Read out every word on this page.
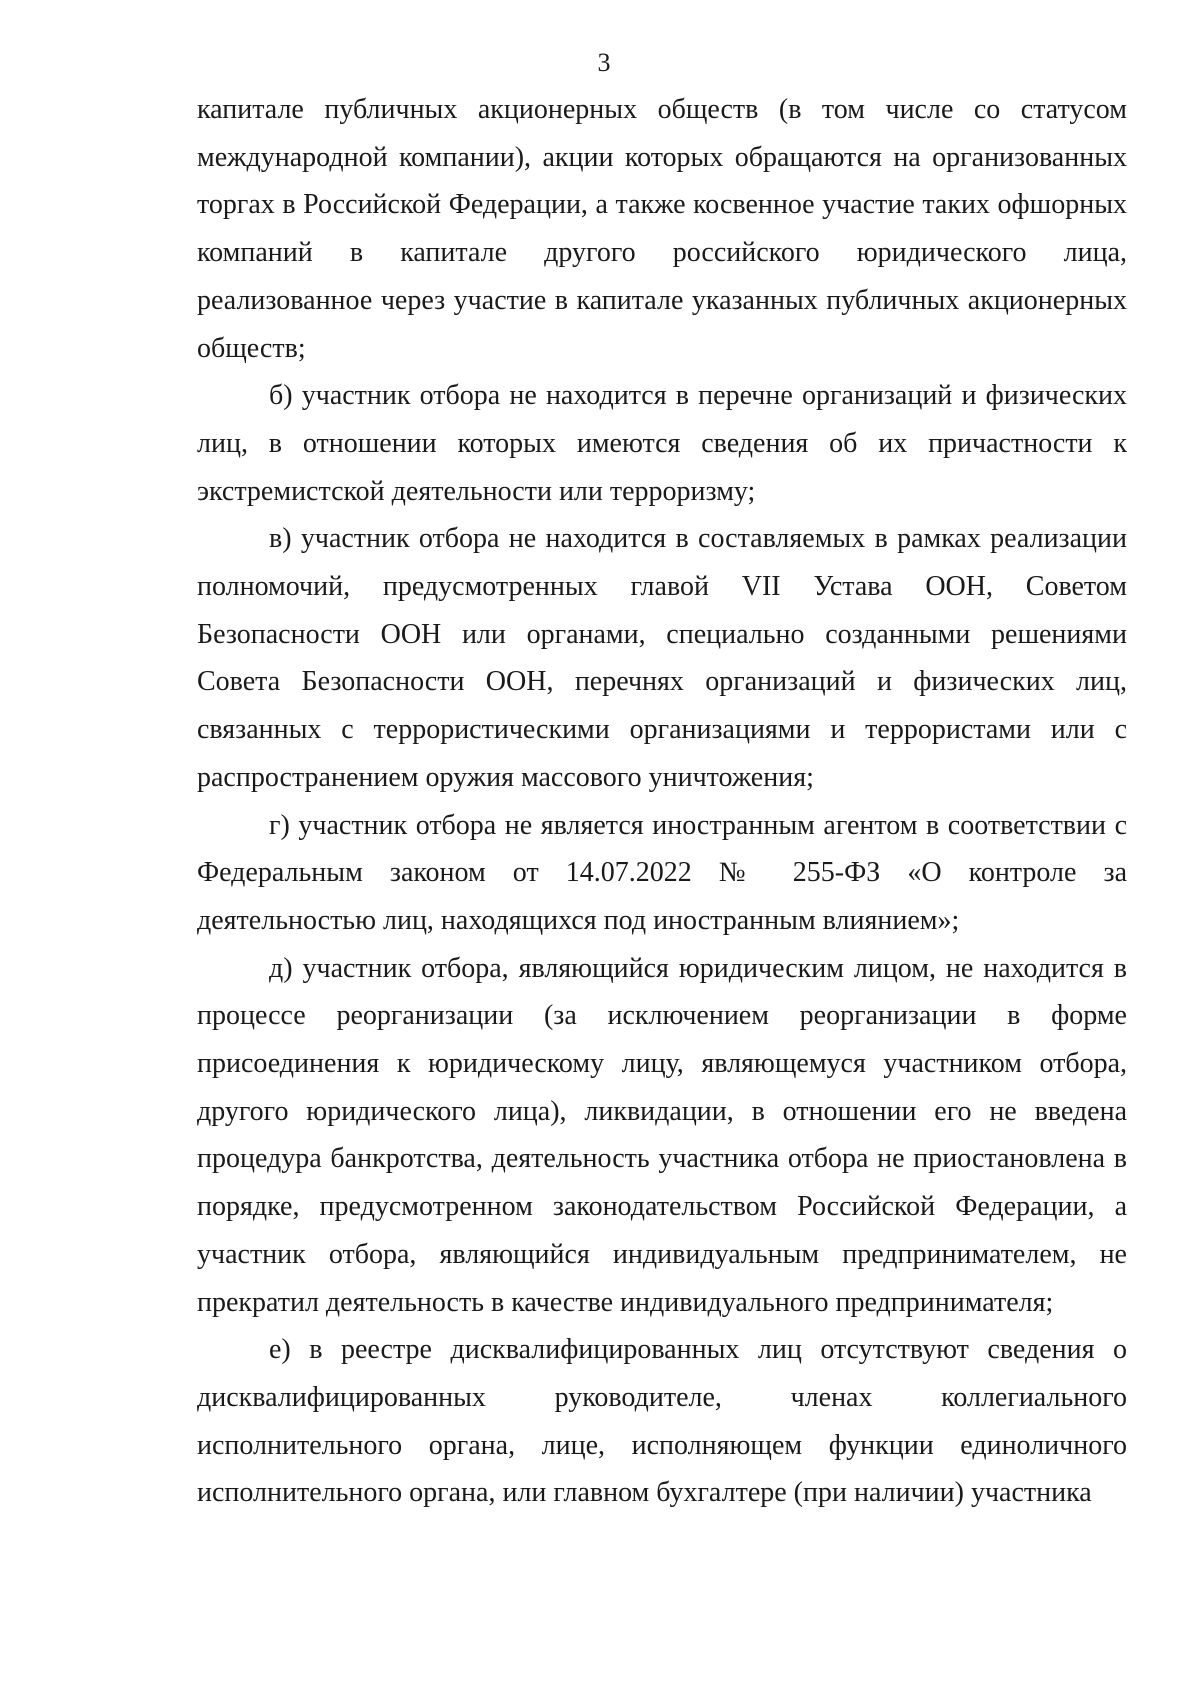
3

капитале публичных акционерных обществ (в том числе со статусом международной компании), акции которых обращаются на организованных торгах в Российской Федерации, а также косвенное участие таких офшорных компаний в капитале другого российского юридического лица, реализованное через участие в капитале указанных публичных акционерных обществ;

б) участник отбора не находится в перечне организаций и физических лиц, в отношении которых имеются сведения об их причастности к экстремистской деятельности или терроризму;

в) участник отбора не находится в составляемых в рамках реализации полномочий, предусмотренных главой VII Устава ООН, Советом Безопасности ООН или органами, специально созданными решениями Совета Безопасности ООН, перечнях организаций и физических лиц, связанных с террористическими организациями и террористами или с распространением оружия массового уничтожения;

г) участник отбора не является иностранным агентом в соответствии с Федеральным законом от 14.07.2022 № 255-ФЗ «О контроле за деятельностью лиц, находящихся под иностранным влиянием»;

д) участник отбора, являющийся юридическим лицом, не находится в процессе реорганизации (за исключением реорганизации в форме присоединения к юридическому лицу, являющемуся участником отбора, другого юридического лица), ликвидации, в отношении его не введена процедура банкротства, деятельность участника отбора не приостановлена в порядке, предусмотренном законодательством Российской Федерации, а участник отбора, являющийся индивидуальным предпринимателем, не прекратил деятельность в качестве индивидуального предпринимателя;

е) в реестре дисквалифицированных лиц отсутствуют сведения о дисквалифицированных руководителе, членах коллегиального исполнительного органа, лице, исполняющем функции единоличного исполнительного органа, или главном бухгалтере (при наличии) участника
